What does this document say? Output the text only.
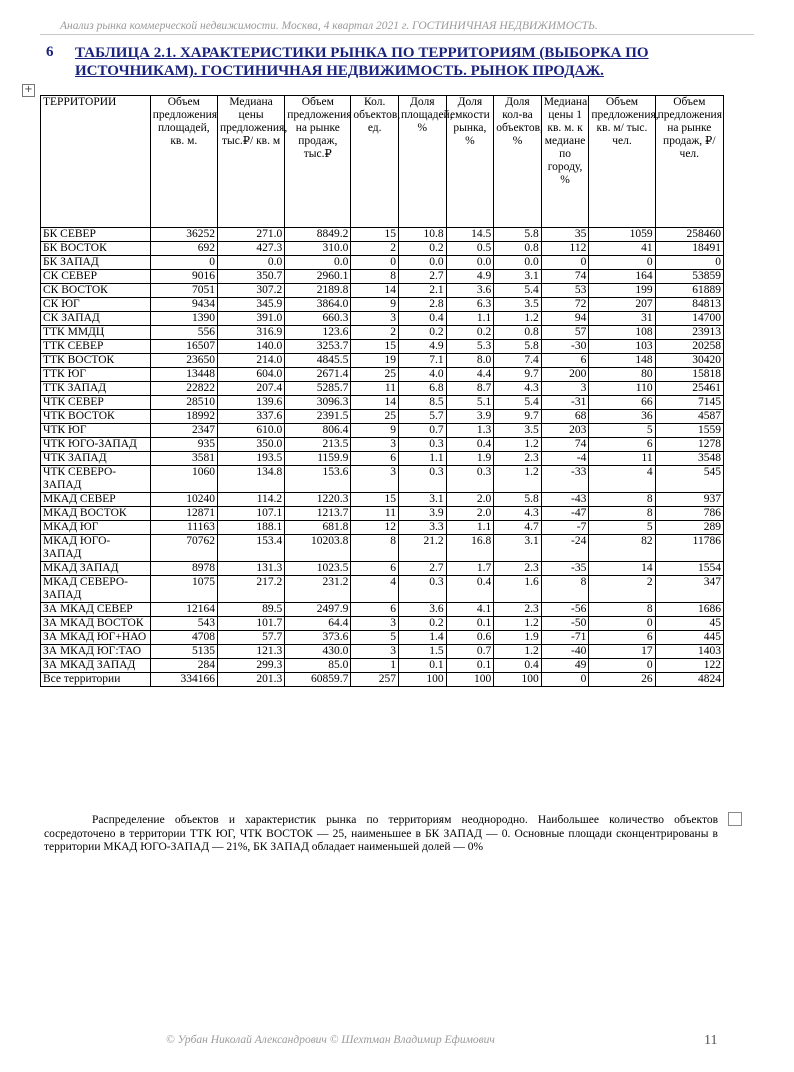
Анализ рынка коммерческой недвижимости. Москва, 4 квартал 2021 г. ГОСТИНИЧНАЯ НЕДВИЖИМОСТЬ.
6 ТАБЛИЦА 2.1. ХАРАКТЕРИСТИКИ РЫНКА ПО ТЕРРИТОРИЯМ (ВЫБОРКА ПО ИСТОЧНИКАМ). ГОСТИНИЧНАЯ НЕДВИЖИМОСТЬ. РЫНОК ПРОДАЖ.
+
ТЕРРИТОРИИ	Объем предложения площадей, кв. м.	Медиана цены предложения, тыс.₽/ кв. м	Объем предложения на рынке продаж, тыс.₽	Кол. объектов, ед.	Доля площадей, %	Доля емкости рынка, %	Доля кол-ва объектов, %	Медиана цены 1 кв. м. к медиане по городу, %	Объем предложения, кв. м/ тыс. чел.	Объем предложения на рынке продаж, ₽/чел.
БК СЕВЕР	36252	271.0	8849.2	15	10.8	14.5	5.8	35	1059	258460
БК ВОСТОК	692	427.3	310.0	2	0.2	0.5	0.8	112	41	18491
БК ЗАПАД	0	0.0	0.0	0	0.0	0.0	0.0	0	0	0
СК СЕВЕР	9016	350.7	2960.1	8	2.7	4.9	3.1	74	164	53859
СК ВОСТОК	7051	307.2	2189.8	14	2.1	3.6	5.4	53	199	61889
СК ЮГ	9434	345.9	3864.0	9	2.8	6.3	3.5	72	207	84813
СК ЗАПАД	1390	391.0	660.3	3	0.4	1.1	1.2	94	31	14700
ТТК ММДЦ	556	316.9	123.6	2	0.2	0.2	0.8	57	108	23913
ТТК СЕВЕР	16507	140.0	3253.7	15	4.9	5.3	5.8	-30	103	20258
ТТК ВОСТОК	23650	214.0	4845.5	19	7.1	8.0	7.4	6	148	30420
ТТК ЮГ	13448	604.0	2671.4	25	4.0	4.4	9.7	200	80	15818
ТТК ЗАПАД	22822	207.4	5285.7	11	6.8	8.7	4.3	3	110	25461
ЧТК СЕВЕР	28510	139.6	3096.3	14	8.5	5.1	5.4	-31	66	7145
ЧТК ВОСТОК	18992	337.6	2391.5	25	5.7	3.9	9.7	68	36	4587
ЧТК ЮГ	2347	610.0	806.4	9	0.7	1.3	3.5	203	5	1559
ЧТК ЮГО-ЗАПАД	935	350.0	213.5	3	0.3	0.4	1.2	74	6	1278
ЧТК ЗАПАД	3581	193.5	1159.9	6	1.1	1.9	2.3	-4	11	3548
ЧТК СЕВЕРО-ЗАПАД	1060	134.8	153.6	3	0.3	0.3	1.2	-33	4	545
МКАД СЕВЕР	10240	114.2	1220.3	15	3.1	2.0	5.8	-43	8	937
МКАД ВОСТОК	12871	107.1	1213.7	11	3.9	2.0	4.3	-47	8	786
МКАД ЮГ	11163	188.1	681.8	12	3.3	1.1	4.7	-7	5	289
МКАД ЮГО-ЗАПАД	70762	153.4	10203.8	8	21.2	16.8	3.1	-24	82	11786
МКАД ЗАПАД	8978	131.3	1023.5	6	2.7	1.7	2.3	-35	14	1554
МКАД СЕВЕРО-ЗАПАД	1075	217.2	231.2	4	0.3	0.4	1.6	8	2	347
ЗА МКАД СЕВЕР	12164	89.5	2497.9	6	3.6	4.1	2.3	-56	8	1686
ЗА МКАД ВОСТОК	543	101.7	64.4	3	0.2	0.1	1.2	-50	0	45
ЗА МКАД ЮГ+НАО	4708	57.7	373.6	5	1.4	0.6	1.9	-71	6	445
ЗА МКАД ЮГ:ТАО	5135	121.3	430.0	3	1.5	0.7	1.2	-40	17	1403
ЗА МКАД ЗАПАД	284	299.3	85.0	1	0.1	0.1	0.4	49	0	122
Все территории	334166	201.3	60859.7	257	100	100	100	0	26	4824
Распределение объектов и характеристик рынка по территориям неоднородно. Наибольшее количество объектов сосредоточено в территории ТТК ЮГ, ЧТК ВОСТОК — 25, наименьшее в БК ЗАПАД — 0. Основные площади сконцентрированы в территории МКАД ЮГО-ЗАПАД — 21%, БК ЗАПАД обладает наименьшей долей — 0%
© Урбан Николай Александрович © Шехтман Владимир Ефимович	11
